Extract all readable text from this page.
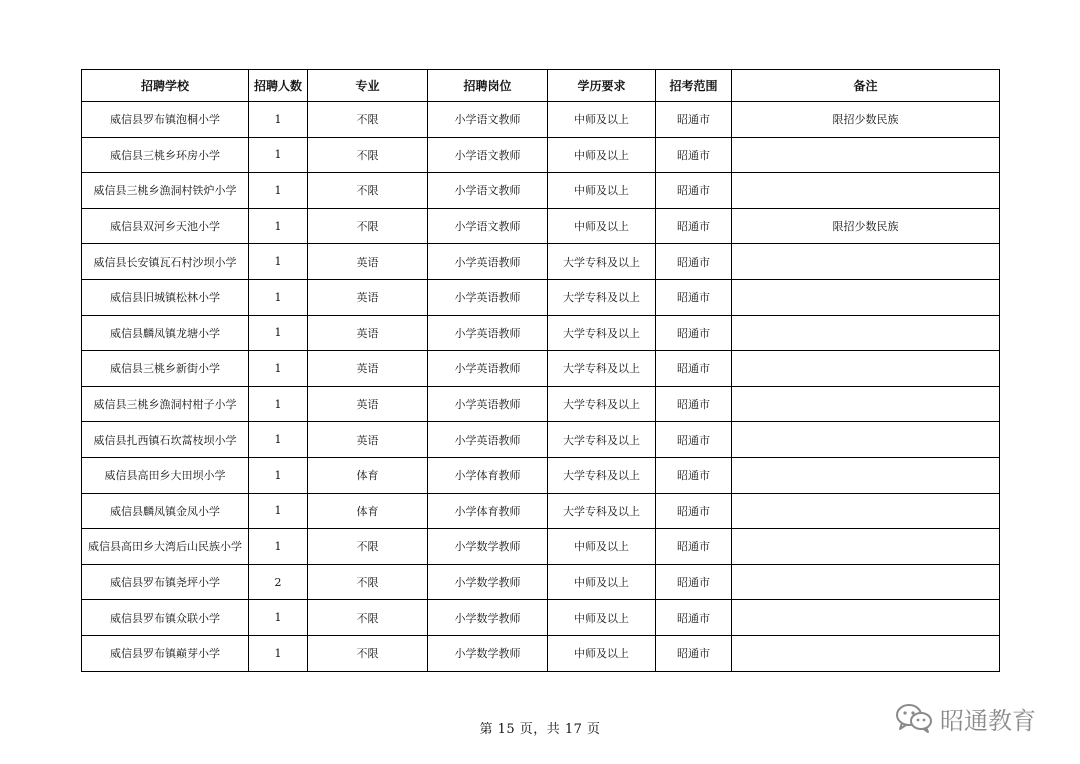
招聘学校	招聘人数	专业	招聘岗位	学历要求	招考范围	备注
威信县罗布镇泡桐小学	1	不限	小学语文教师	中师及以上	昭通市	限招少数民族
威信县三桃乡环房小学	1	不限	小学语文教师	中师及以上	昭通市	
威信县三桃乡漁洞村铁炉小学	1	不限	小学语文教师	中师及以上	昭通市	
威信县双河乡天池小学	1	不限	小学语文教师	中师及以上	昭通市	限招少数民族
威信县长安镇瓦石村沙坝小学	1	英语	小学英语教师	大学专科及以上	昭通市	
威信县旧城镇松林小学	1	英语	小学英语教师	大学专科及以上	昭通市	
威信县麟凤镇龙塘小学	1	英语	小学英语教师	大学专科及以上	昭通市	
威信县三桃乡新街小学	1	英语	小学英语教师	大学专科及以上	昭通市	
威信县三桃乡漁洞村柑子小学	1	英语	小学英语教师	大学专科及以上	昭通市	
威信县扎西镇石坎蒿枝坝小学	1	英语	小学英语教师	大学专科及以上	昭通市	
威信县高田乡大田坝小学	1	体育	小学体育教师	大学专科及以上	昭通市	
威信县麟凤镇金凤小学	1	体育	小学体育教师	大学专科及以上	昭通市	
威信县高田乡大湾后山民族小学	1	不限	小学数学教师	中师及以上	昭通市	
威信县罗布镇尧坪小学	2	不限	小学数学教师	中师及以上	昭通市	
威信县罗布镇众联小学	1	不限	小学数学教师	中师及以上	昭通市	
威信县罗布镇巅芽小学	1	不限	小学数学教师	中师及以上	昭通市	
第 15 页，共 17 页	昭通教育
